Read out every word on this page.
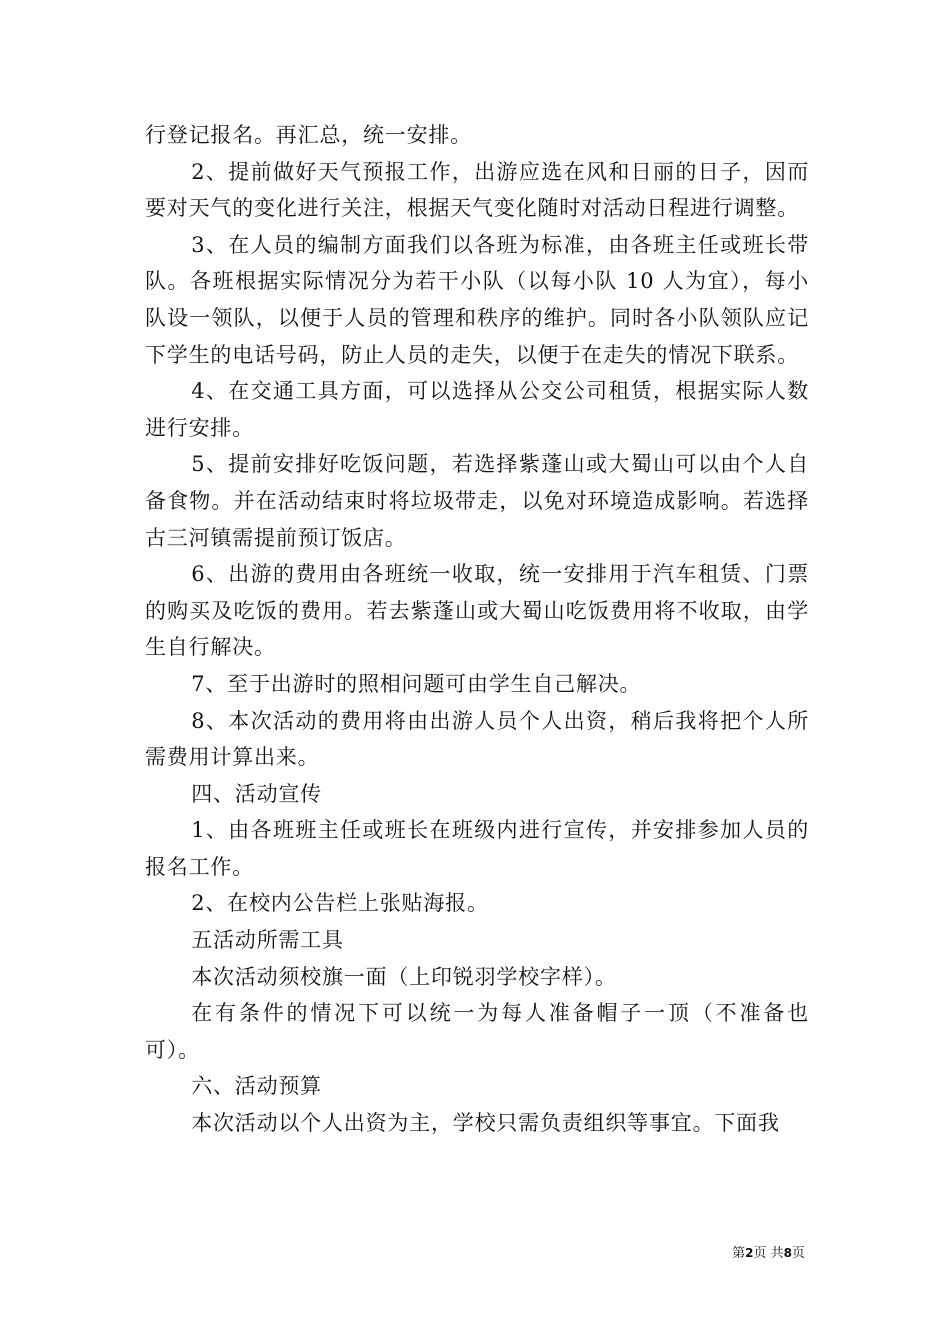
行登记报名。再汇总，统一安排。

2、提前做好天气预报工作，出游应选在风和日丽的日子，因而要对天气的变化进行关注，根据天气变化随时对活动日程进行调整。

3、在人员的编制方面我们以各班为标准，由各班主任或班长带队。各班根据实际情况分为若干小队（以每小队 10 人为宜），每小队设一领队，以便于人员的管理和秩序的维护。同时各小队领队应记下学生的电话号码，防止人员的走失，以便于在走失的情况下联系。

4、在交通工具方面，可以选择从公交公司租赁，根据实际人数进行安排。

5、提前安排好吃饭问题，若选择紫蓬山或大蜀山可以由个人自备食物。并在活动结束时将垃圾带走，以免对环境造成影响。若选择古三河镇需提前预订饭店。

6、出游的费用由各班统一收取，统一安排用于汽车租赁、门票的购买及吃饭的费用。若去紫蓬山或大蜀山吃饭费用将不收取，由学生自行解决。

7、至于出游时的照相问题可由学生自己解决。

8、本次活动的费用将由出游人员个人出资，稍后我将把个人所需费用计算出来。

四、活动宣传

1、由各班班主任或班长在班级内进行宣传，并安排参加人员的报名工作。

2、在校内公告栏上张贴海报。

五活动所需工具

本次活动须校旗一面（上印锐羽学校字样）。

在有条件的情况下可以统一为每人准备帽子一顶（不准备也可）。

六、活动预算

本次活动以个人出资为主，学校只需负责组织等事宜。下面我

第2页 共8页
